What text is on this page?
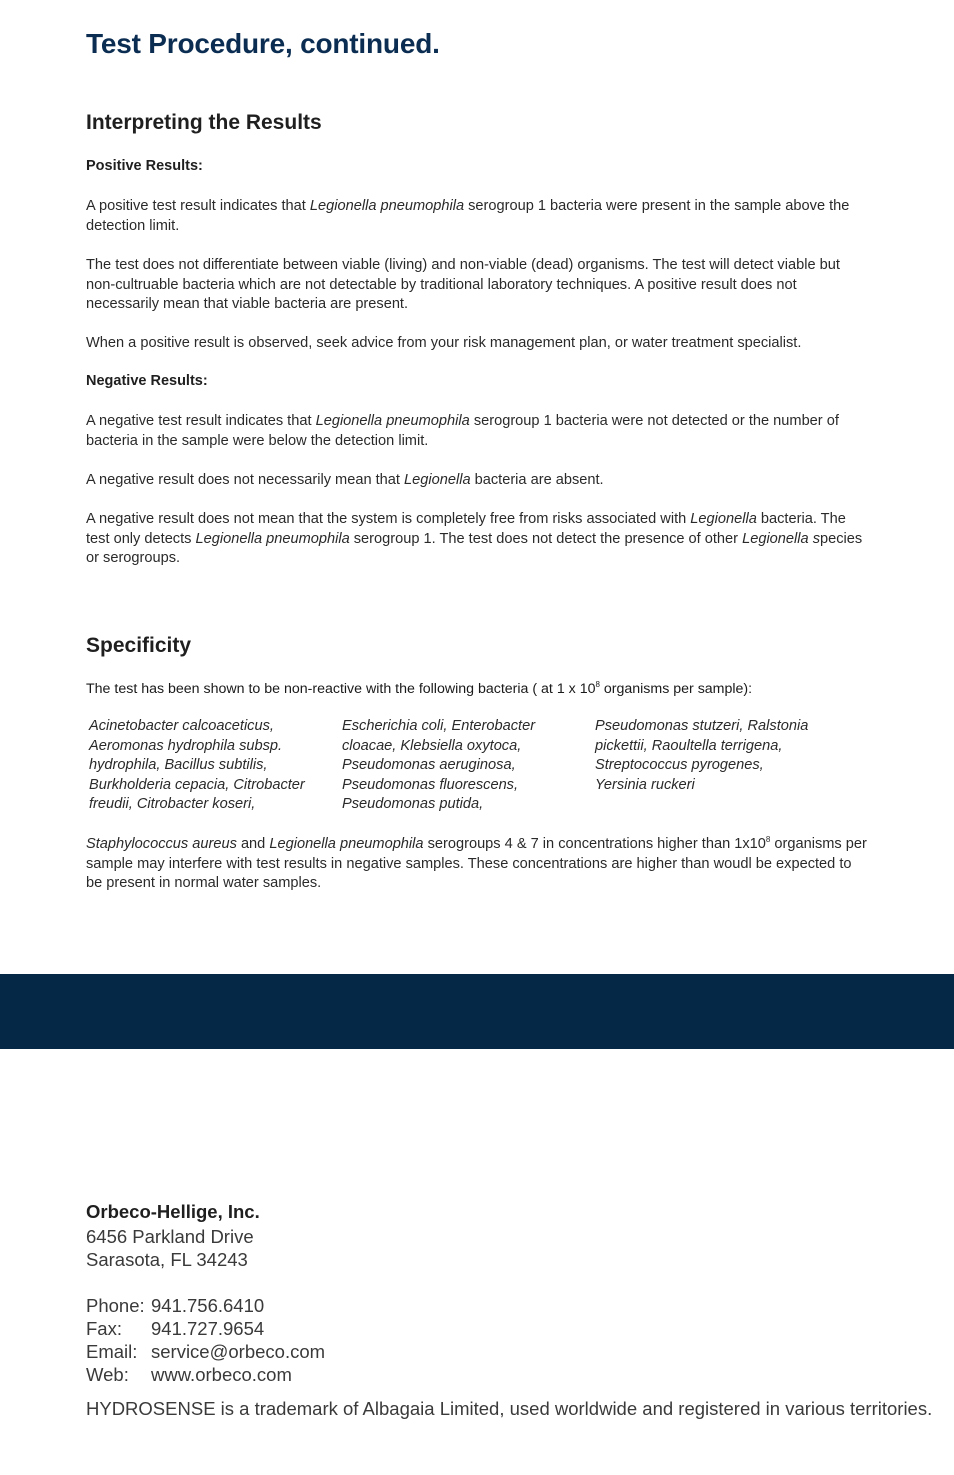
Test Procedure, continued.
Interpreting the Results
Positive Results:

A positive test result indicates that Legionella pneumophila serogroup 1 bacteria were present in the sample above the detection limit.

The test does not differentiate between viable (living) and non-viable (dead) organisms. The test will detect viable but non-cultruable bacteria which are not detectable by traditional laboratory techniques. A positive result does not necessarily mean that viable bacteria are present.

When a positive result is observed, seek advice from your risk management plan, or water treatment specialist.

Negative Results:

A negative test result indicates that Legionella pneumophila serogroup 1 bacteria were not detected or the number of bacteria in the sample were below the detection limit.

A negative result does not necessarily mean that Legionella bacteria are absent.

A negative result does not mean that the system is completely free from risks associated with Legionella bacteria. The test only detects Legionella pneumophila serogroup 1. The test does not detect the presence of other Legionella species or serogroups.

Specificity

The test has been shown to be non-reactive with the following bacteria ( at 1 x $10^8$ organisms per sample):

Acinetobacter calcoaceticus, Aeromonas hydrophila subsp. hydrophila, Bacillus subtilis, Burkholderia cepacia, Citrobacter freudii, Citrobacter koseri,

Escherichia coli, Enterobacter cloacae, Klebsiella oxytoca, Pseudomonas aeruginosa, Pseudomonas fluorescens, Pseudomonas putida,

Pseudomonas stutzeri, Ralstonia pickettii, Raoultella terrigena, Streptococcus pyrogenes, Yersinia ruckeri

Staphylococcus aureus and Legionella pneumophila serogroups 4 & 7 in concentrations higher than $1x10^8$ organisms per sample may interfere with test results in negative samples. These concentrations are higher than woudl be expected to be present in normal water samples.

Orbeco-Hellige, Inc.

6456 Parkland Drive

Sarasota, FL 34243

Phone: 941.756.6410

Fax: 941.727.9654

Email: service@orbeco.com

Web: www.orbeco.com

HYDROSENSE is a trademark of Albagaia Limited, used worldwide and registered in various territories.
